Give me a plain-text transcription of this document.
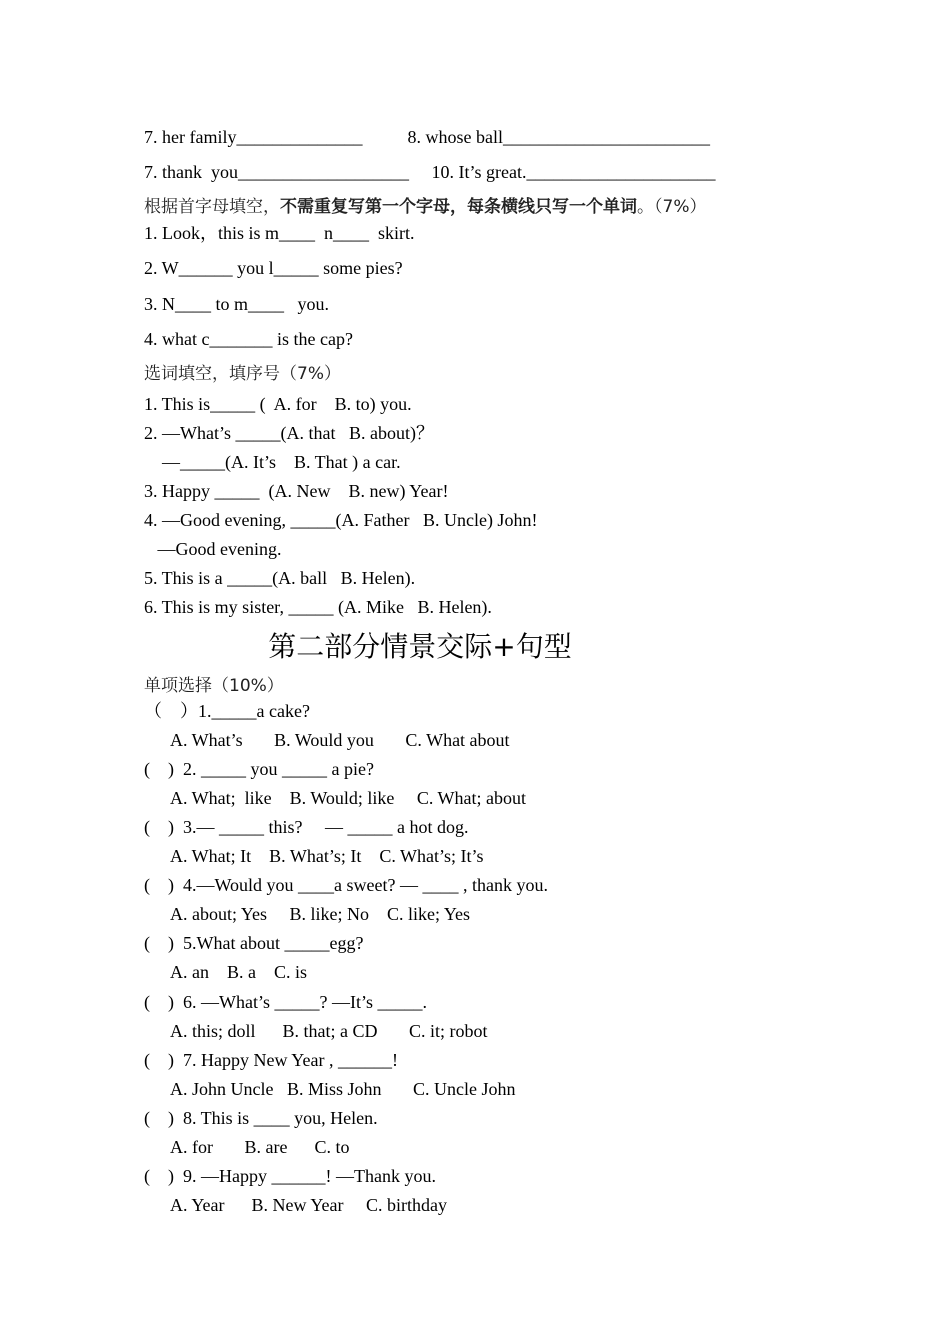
7. her family______________          8. whose ball_______________________
7. thank  you___________________     10. It’s great._____________________
根据首字母填空，不需重复写第一个字母，每条横线只写一个单词。（7%）
1. Look，this is m____  n____  skirt.
2. W______ you l_____ some pies?
3. N____ to m____   you.
4. what c_______ is the cap?
选词填空，填序号（7%）
1. This is_____ (  A. for    B. to) you.
2. —What’s _____(A. that   B. about)？
—_____(A. It’s    B. That ) a car.
3. Happy _____  (A. New    B. new) Year!
4. —Good evening, _____(A. Father   B. Uncle) John!
—Good evening.
5. This is a _____(A. ball   B. Helen).
6. This is my sister, _____ (A. Mike   B. Helen).
第二部分情景交际+句型
单项选择（10%）
（    ）1._____a cake?
A. What’s       B. Would you       C. What about
(    )  2. _____ you _____ a pie?
A. What;  like    B. Would; like     C. What; about
(    )  3.— _____ this?     — _____ a hot dog.
A. What; It    B. What’s; It    C. What’s; It’s
(    )  4.—Would you ____a sweet? — ____ , thank you.
A. about; Yes     B. like; No    C. like; Yes
(    )  5.What about _____egg?
A. an    B. a    C. is
(    )  6. —What’s _____? —It’s _____.
A. this; doll      B. that; a CD       C. it; robot
(    )  7. Happy New Year , ______!
A. John Uncle   B. Miss John       C. Uncle John
(    )  8. This is ____ you, Helen.
A. for       B. are      C. to
(    )  9. —Happy ______! —Thank you.
A. Year      B. New Year     C. birthday
